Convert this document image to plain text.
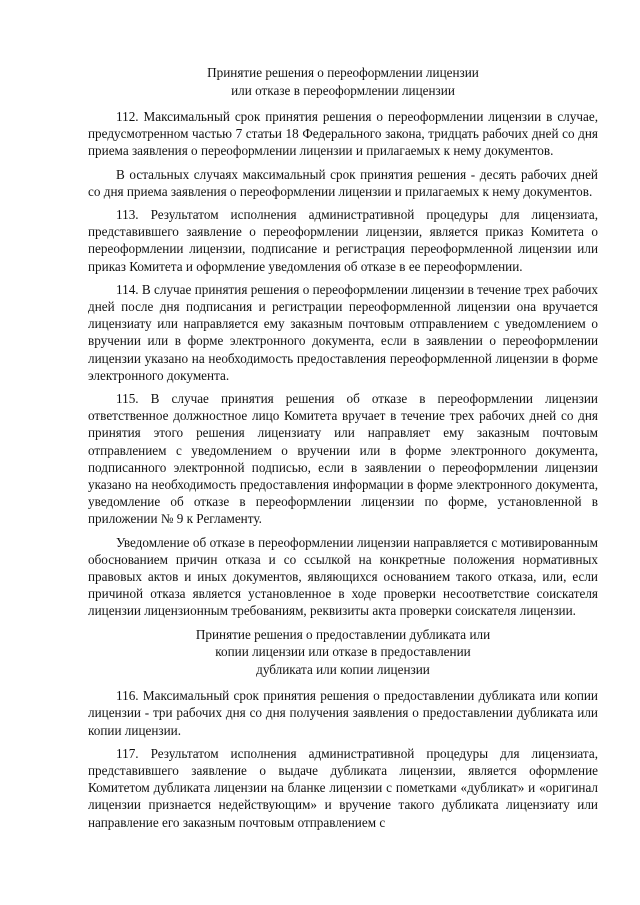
Принятие решения о переоформлении лицензии
или отказе в переоформлении лицензии

112. Максимальный срок принятия решения о переоформлении лицензии в случае, предусмотренном частью 7 статьи 18 Федерального закона, тридцать рабочих дней со дня приема заявления о переоформлении лицензии и прилагаемых к нему документов.

В остальных случаях максимальный срок принятия решения - десять рабочих дней со дня приема заявления о переоформлении лицензии и прилагаемых к нему документов.

113. Результатом исполнения административной процедуры для лицензиата, представившего заявление о переоформлении лицензии, является приказ Комитета о переоформлении лицензии, подписание и регистрация переоформленной лицензии или приказ Комитета и оформление уведомления об отказе в ее переоформлении.

114. В случае принятия решения о переоформлении лицензии в течение трех рабочих дней после дня подписания и регистрации переоформленной лицензии она вручается лицензиату или направляется ему заказным почтовым отправлением с уведомлением о вручении или в форме электронного документа, если в заявлении о переоформлении лицензии указано на необходимость предоставления переоформленной лицензии в форме электронного документа.

115. В случае принятия решения об отказе в переоформлении лицензии ответственное должностное лицо Комитета вручает в течение трех рабочих дней со дня принятия этого решения лицензиату или направляет ему заказным почтовым отправлением с уведомлением о вручении или в форме электронного документа, подписанного электронной подписью, если в заявлении о переоформлении лицензии указано на необходимость предоставления информации в форме электронного документа, уведомление об отказе в переоформлении лицензии по форме, установленной в приложении № 9 к Регламенту.

Уведомление об отказе в переоформлении лицензии направляется с мотивированным обоснованием причин отказа и со ссылкой на конкретные положения нормативных правовых актов и иных документов, являющихся основанием такого отказа, или, если причиной отказа является установленное в ходе проверки несоответствие соискателя лицензии лицензионным требованиям, реквизиты акта проверки соискателя лицензии.

Принятие решения о предоставлении дубликата или
копии лицензии или отказе в предоставлении
дубликата или копии лицензии

116. Максимальный срок принятия решения о предоставлении дубликата или копии лицензии - три рабочих дня со дня получения заявления о предоставлении дубликата или копии лицензии.

117. Результатом исполнения административной процедуры для лицензиата, представившего заявление о выдаче дубликата лицензии, является оформление Комитетом дубликата лицензии на бланке лицензии с пометками «дубликат» и «оригинал лицензии признается недействующим» и вручение такого дубликата лицензиату или направление его заказным почтовым отправлением с
